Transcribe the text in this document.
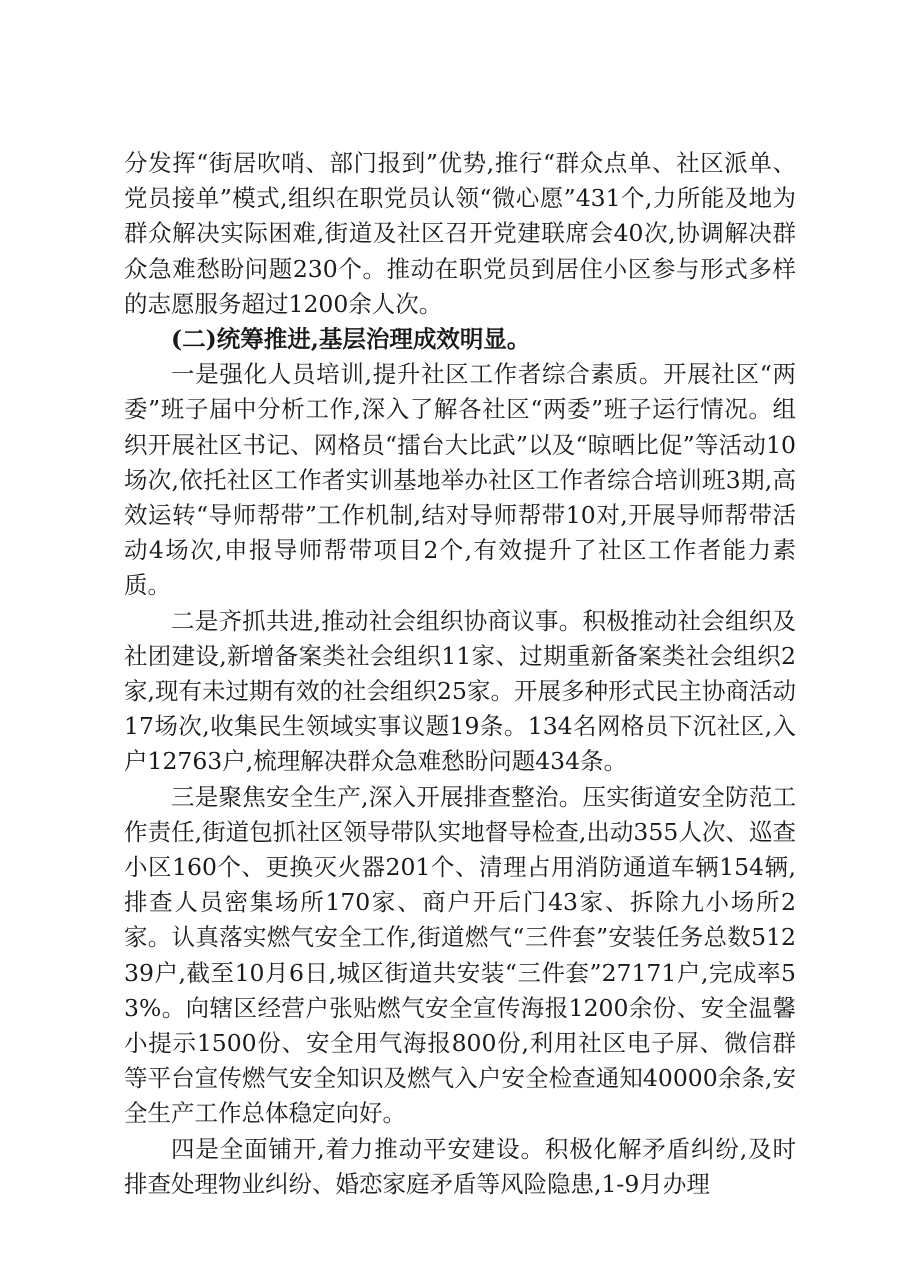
分发挥“街居吹哨、部门报到”优势,推行“群众点单、社区派单、党员接单”模式,组织在职党员认领“微心愿”431个,力所能及地为群众解决实际困难,街道及社区召开党建联席会40次,协调解决群众急难愁盼问题230个。推动在职党员到居住小区参与形式多样的志愿服务超过1200余人次。

(二)统筹推进,基层治理成效明显。

一是强化人员培训,提升社区工作者综合素质。开展社区“两委”班子届中分析工作,深入了解各社区“两委”班子运行情况。组织开展社区书记、网格员“擂台大比武”以及“晾晒比促”等活动10场次,依托社区工作者实训基地举办社区工作者综合培训班3期,高效运转“导师帮带”工作机制,结对导师帮带10对,开展导师帮带活动4场次,申报导师帮带项目2个,有效提升了社区工作者能力素质。

二是齐抓共进,推动社会组织协商议事。积极推动社会组织及社团建设,新增备案类社会组织11家、过期重新备案类社会组织2家,现有未过期有效的社会组织25家。开展多种形式民主协商活动17场次,收集民生领域实事议题19条。134名网格员下沉社区,入户12763户,梳理解决群众急难愁盼问题434条。

三是聚焦安全生产,深入开展排查整治。压实街道安全防范工作责任,街道包抓社区领导带队实地督导检查,出动355人次、巡查小区160个、更换灭火器201个、清理占用消防通道车辆154辆,排查人员密集场所170家、商户开后门43家、拆除九小场所2家。认真落实燃气安全工作,街道燃气“三件套”安装任务总数51239户,截至10月6日,城区街道共安装“三件套”27171户,完成率53%。向辖区经营户张贴燃气安全宣传海报1200余份、安全温馨小提示1500份、安全用气海报800份,利用社区电子屏、微信群等平台宣传燃气安全知识及燃气入户安全检查通知40000余条,安全生产工作总体稳定向好。

四是全面铺开,着力推动平安建设。积极化解矛盾纠纷,及时排查处理物业纠纷、婚恋家庭矛盾等风险隐患,1-9月办理
